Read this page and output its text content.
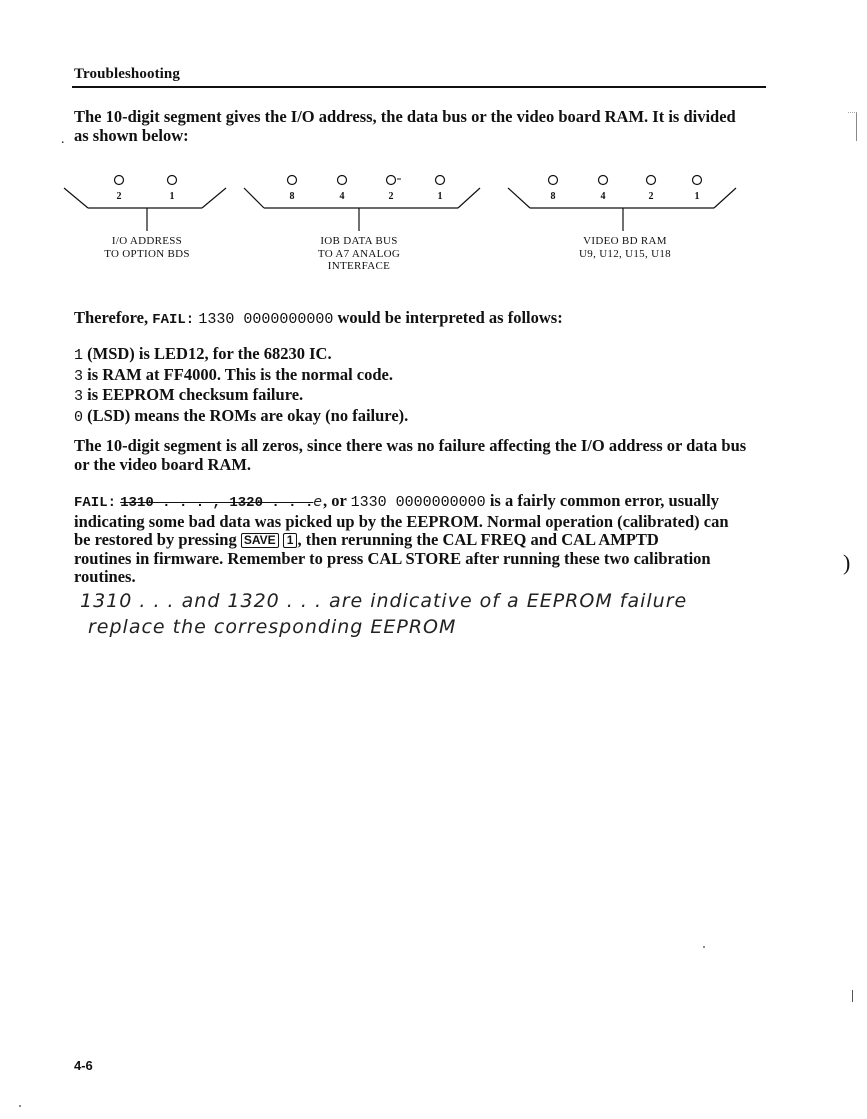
Troubleshooting
The 10-digit segment gives the I/O address, the data bus or the video board RAM. It is divided as shown below:
.
2	1	8	4	2	1	8	4	2	1
I/O ADDRESS
TO OPTION BDS
IOB DATA BUS
TO A7 ANALOG
INTERFACE
VIDEO BD RAM
U9, U12, U15, U18
Therefore, FAIL: 1330 0000000000 would be interpreted as follows:
1 (MSD) is LED12, for the 68230 IC.
3 is RAM at FF4000. This is the normal code.
3 is EEPROM checksum failure.
0 (LSD) means the ROMs are okay (no failure).
The 10-digit segment is all zeros, since there was no failure affecting the I/O address or data bus or the video board RAM.
FAIL: 1310 . . . , 1320 . . .e, or 1330 0000000000 is a fairly common error, usually
indicating some bad data was picked up by the EEPROM. Normal operation (calibrated) can
be restored by pressing SAVE 1 , then rerunning the CAL FREQ and CAL AMPTD
routines in firmware. Remember to press CAL STORE after running these two calibration
routines.
1310 . . . and 1320 . . . are indicative of a EEPROM failure
replace the corresponding EEPROM
)
4-6
